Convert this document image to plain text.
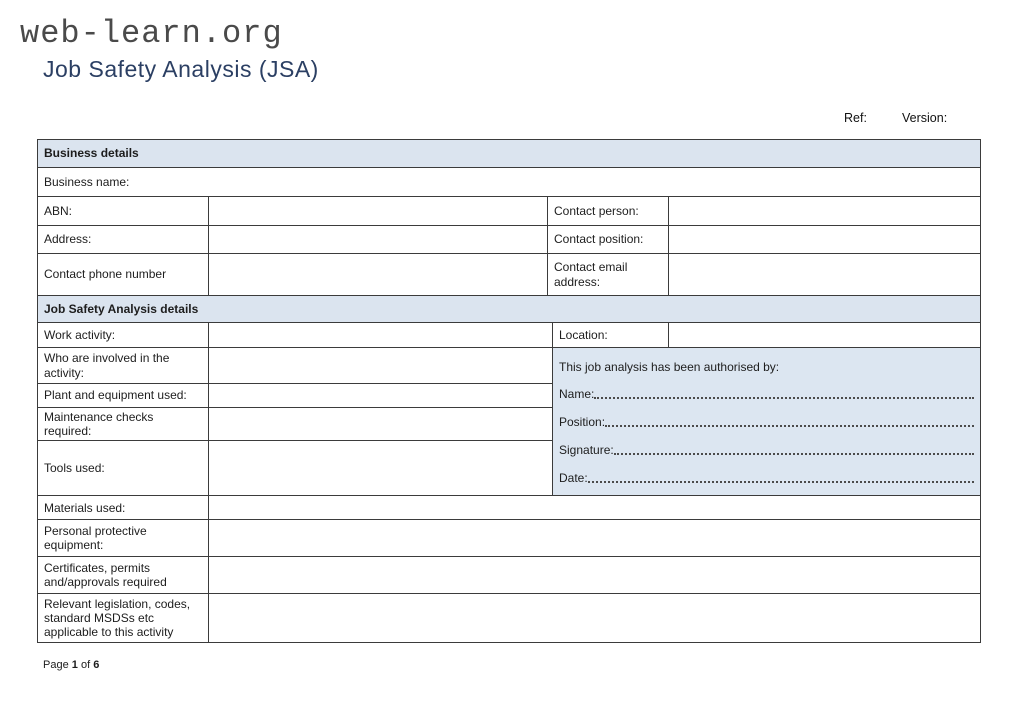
web-learn.org
Job Safety Analysis (JSA)
Ref:	Version:
Business details			
Business name:			
ABN:		Contact person:	
Address:		Contact position:	
Contact phone number		Contact email address:	
Job Safety Analysis details			
Work activity:		Location:	
Who are involved in the activity:		This job analysis has been authorised by:
Name:
Position:
Signature:
Date:	

Plant and equipment used:			
Maintenance checks required:			
Tools used:			
Materials used:			
Personal protective equipment:			
Certificates, permits and/approvals required			
Relevant legislation, codes, standard MSDSs etc applicable to this activity			
Page 1 of 6
